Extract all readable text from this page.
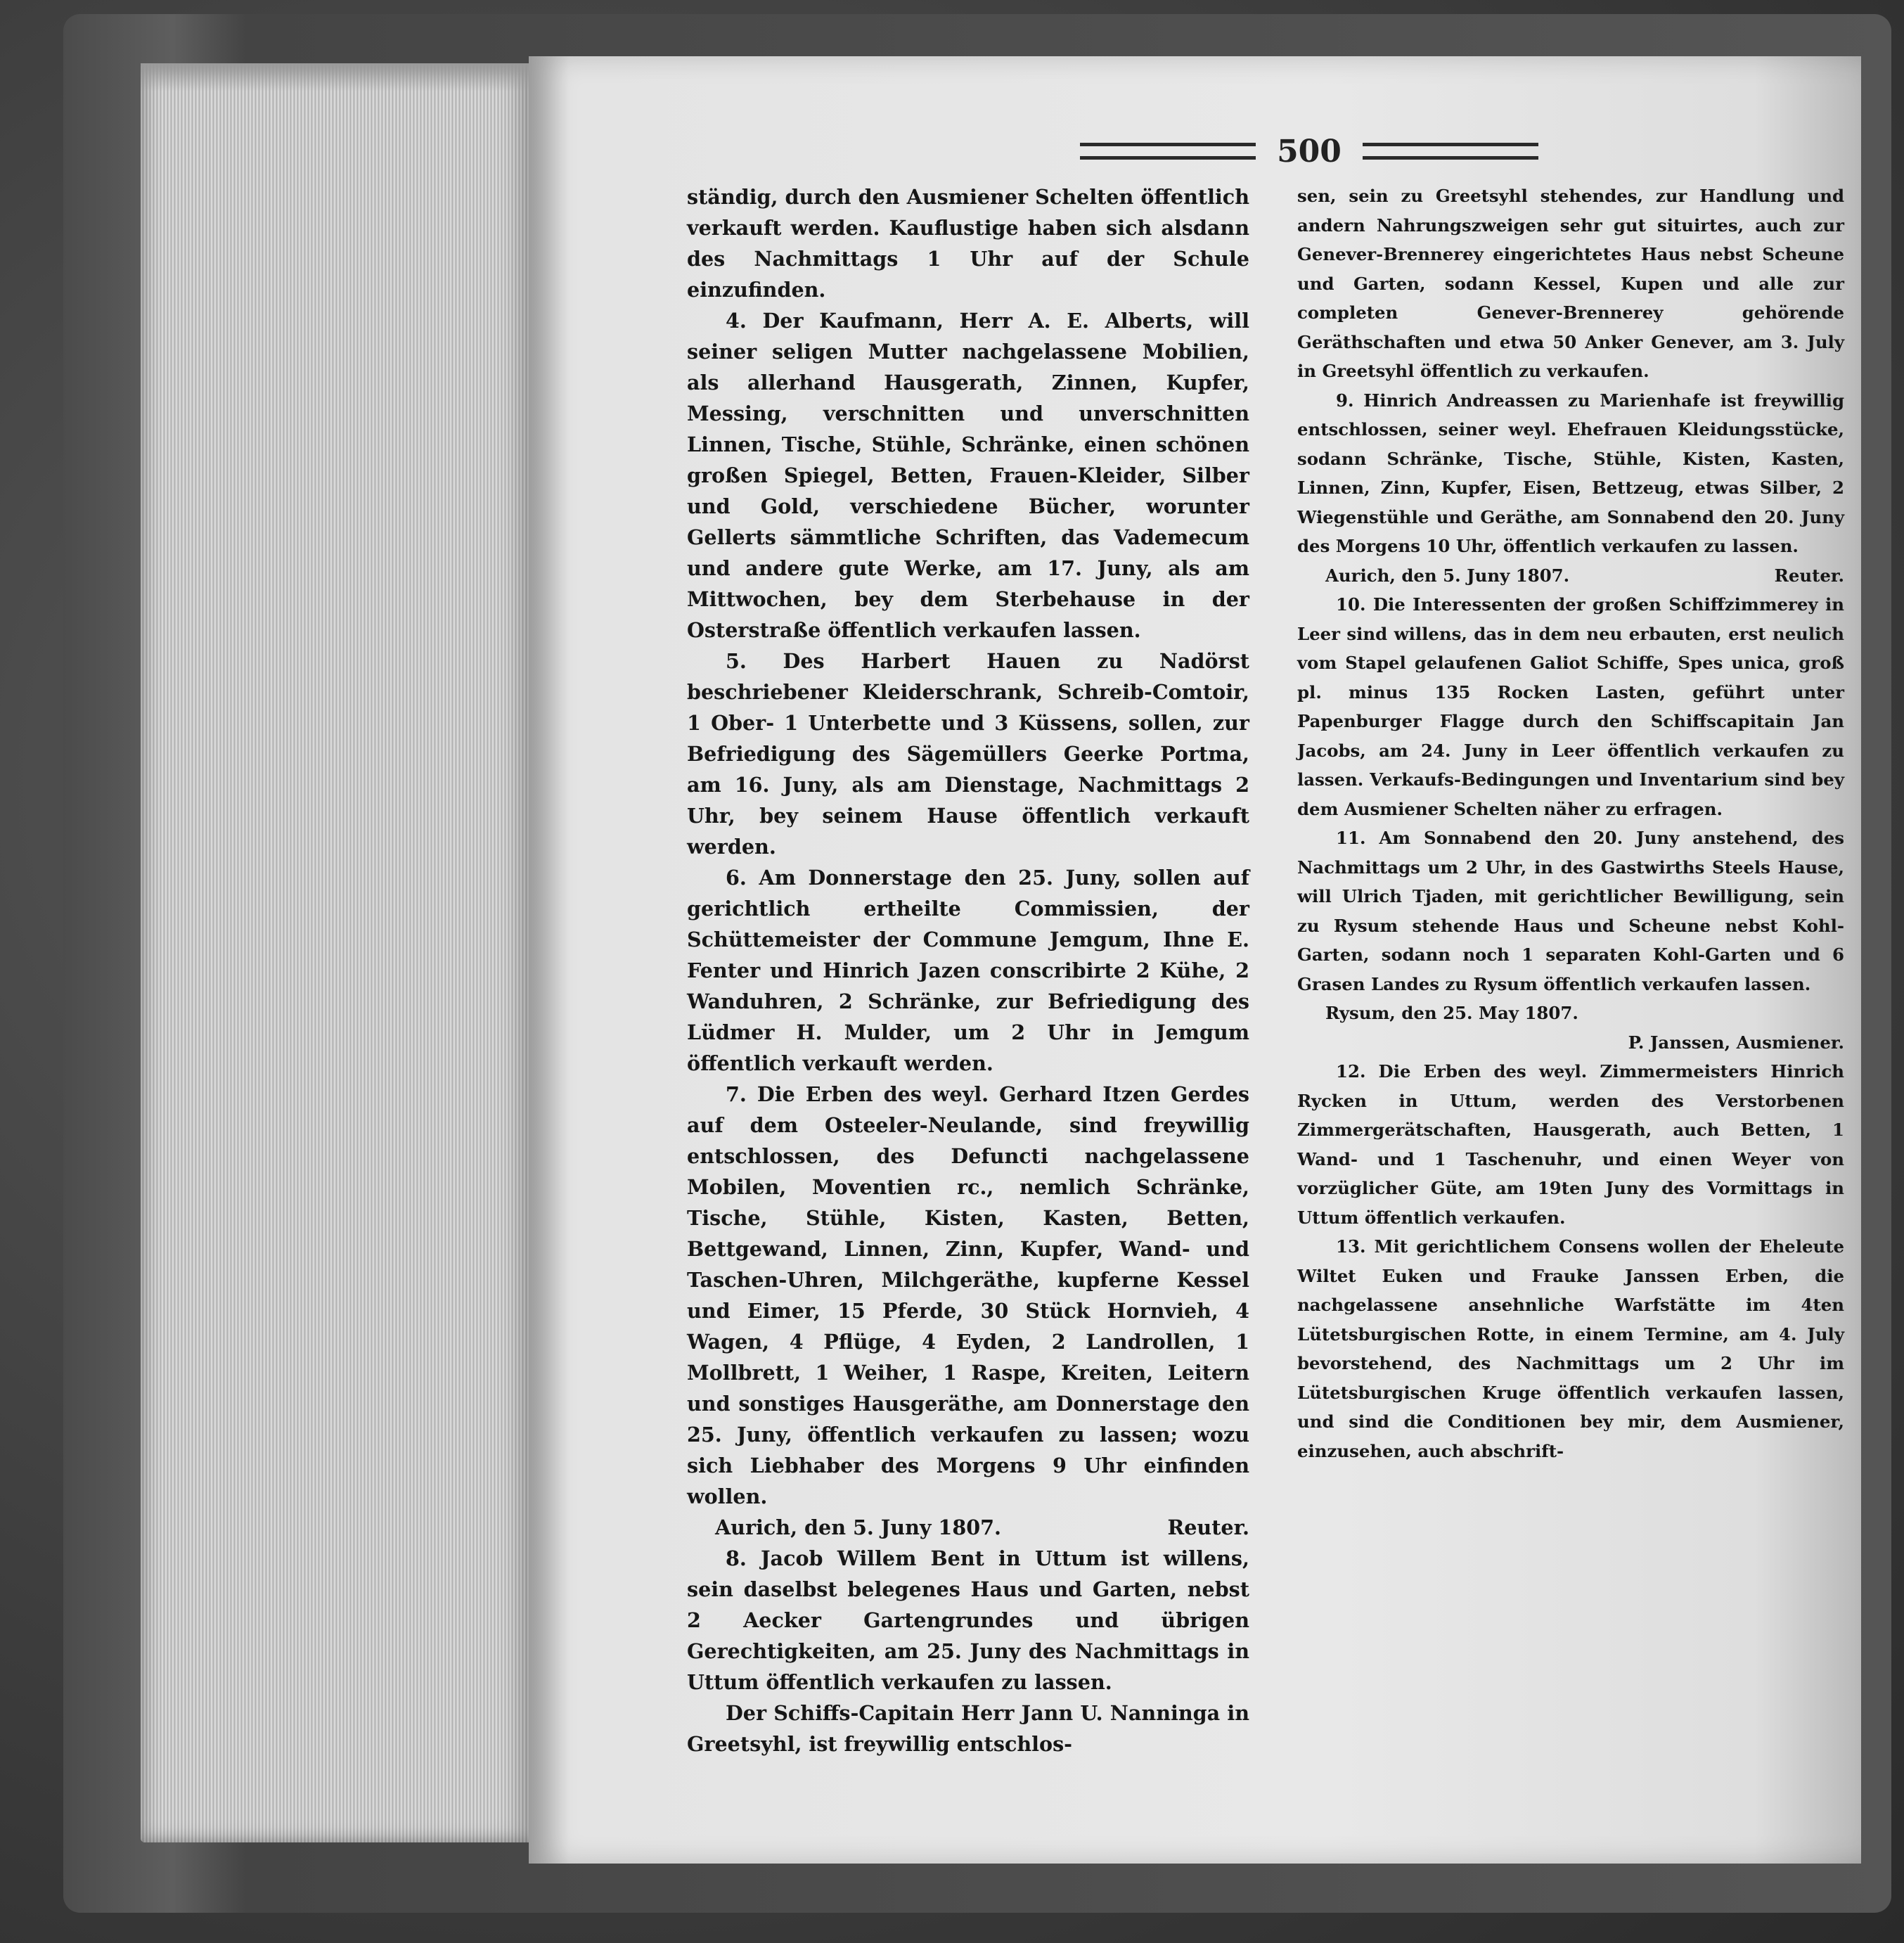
500
ständig, durch den Ausmiener Schelten öffentlich verkauft werden. Kauflustige haben sich alsdann des Nachmittags 1 Uhr auf der Schule einzufinden.
4. Der Kaufmann, Herr A. E. Alberts, will seiner seligen Mutter nachgelassene Mobilien, als allerhand Hausgerath, Zinnen, Kupfer, Messing, verschnitten und unverschnitten Linnen, Tische, Stühle, Schränke, einen schönen großen Spiegel, Betten, Frauen-Kleider, Silber und Gold, verschiedene Bücher, worunter Gellerts sämmtliche Schriften, das Vademecum und andere gute Werke, am 17. Juny, als am Mittwochen, bey dem Sterbehause in der Osterstraße öffentlich verkaufen lassen.
5. Des Harbert Hauen zu Nadörst beschriebener Kleiderschrank, Schreib-Comtoir, 1 Ober- 1 Unterbette und 3 Küssens, sollen, zur Befriedigung des Sägemüllers Geerke Portma, am 16. Juny, als am Dienstage, Nachmittags 2 Uhr, bey seinem Hause öffentlich verkauft werden.
6. Am Donnerstage den 25. Juny, sollen auf gerichtlich ertheilte Commissien, der Schüttemeister der Commune Jemgum, Ihne E. Fenter und Hinrich Jazen conscribirte 2 Kühe, 2 Wanduhren, 2 Schränke, zur Befriedigung des Lüdmer H. Mulder, um 2 Uhr in Jemgum öffentlich verkauft werden.
7. Die Erben des weyl. Gerhard Itzen Gerdes auf dem Osteeler-Neulande, sind freywillig entschlossen, des Defuncti nachgelassene Mobilen, Moventien rc., nemlich Schränke, Tische, Stühle, Kisten, Kasten, Betten, Bettgewand, Linnen, Zinn, Kupfer, Wand- und Taschen-Uhren, Milchgeräthe, kupferne Kessel und Eimer, 15 Pferde, 30 Stück Hornvieh, 4 Wagen, 4 Pflüge, 4 Eyden, 2 Landrollen, 1 Mollbrett, 1 Weiher, 1 Raspe, Kreiten, Leitern und sonstiges Hausgeräthe, am Donnerstage den 25. Juny, öffentlich verkaufen zu lassen; wozu sich Liebhaber des Morgens 9 Uhr einfinden wollen.
Aurich, den 5. Juny 1807.	Reuter.
8. Jacob Willem Bent in Uttum ist willens, sein daselbst belegenes Haus und Garten, nebst 2 Aecker Gartengrundes und übrigen Gerechtigkeiten, am 25. Juny des Nachmittags in Uttum öffentlich verkaufen zu lassen.
Der Schiffs-Capitain Herr Jann U. Nanninga in Greetsyhl, ist freywillig entschlos-
sen, sein zu Greetsyhl stehendes, zur Handlung und andern Nahrungszweigen sehr gut situirtes, auch zur Genever-Brennerey eingerichtetes Haus nebst Scheune und Garten, sodann Kessel, Kupen und alle zur completen Genever-Brennerey gehörende Geräthschaften und etwa 50 Anker Genever, am 3. July in Greetsyhl öffentlich zu verkaufen.
9. Hinrich Andreassen zu Marienhafe ist freywillig entschlossen, seiner weyl. Ehefrauen Kleidungsstücke, sodann Schränke, Tische, Stühle, Kisten, Kasten, Linnen, Zinn, Kupfer, Eisen, Bettzeug, etwas Silber, 2 Wiegenstühle und Geräthe, am Sonnabend den 20. Juny des Morgens 10 Uhr, öffentlich verkaufen zu lassen.
Aurich, den 5. Juny 1807.	Reuter.
10. Die Interessenten der großen Schiffzimmerey in Leer sind willens, das in dem neu erbauten, erst neulich vom Stapel gelaufenen Galiot Schiffe, Spes unica, groß pl. minus 135 Rocken Lasten, geführt unter Papenburger Flagge durch den Schiffscapitain Jan Jacobs, am 24. Juny in Leer öffentlich verkaufen zu lassen. Verkaufs-Bedingungen und Inventarium sind bey dem Ausmiener Schelten näher zu erfragen.
11. Am Sonnabend den 20. Juny anstehend, des Nachmittags um 2 Uhr, in des Gastwirths Steels Hause, will Ulrich Tjaden, mit gerichtlicher Bewilligung, sein zu Rysum stehende Haus und Scheune nebst Kohl-Garten, sodann noch 1 separaten Kohl-Garten und 6 Grasen Landes zu Rysum öffentlich verkaufen lassen.
Rysum, den 25. May 1807.
P. Janssen, Ausmiener.
12. Die Erben des weyl. Zimmermeisters Hinrich Rycken in Uttum, werden des Verstorbenen Zimmergerätschaften, Hausgerath, auch Betten, 1 Wand- und 1 Taschenuhr, und einen Weyer von vorzüglicher Güte, am 19ten Juny des Vormittags in Uttum öffentlich verkaufen.
13. Mit gerichtlichem Consens wollen der Eheleute Wiltet Euken und Frauke Janssen Erben, die nachgelassene ansehnliche Warfstätte im 4ten Lütetsburgischen Rotte, in einem Termine, am 4. July bevorstehend, des Nachmittags um 2 Uhr im Lütetsburgischen Kruge öffentlich verkaufen lassen, und sind die Conditionen bey mir, dem Ausmiener, einzusehen, auch abschrift-
